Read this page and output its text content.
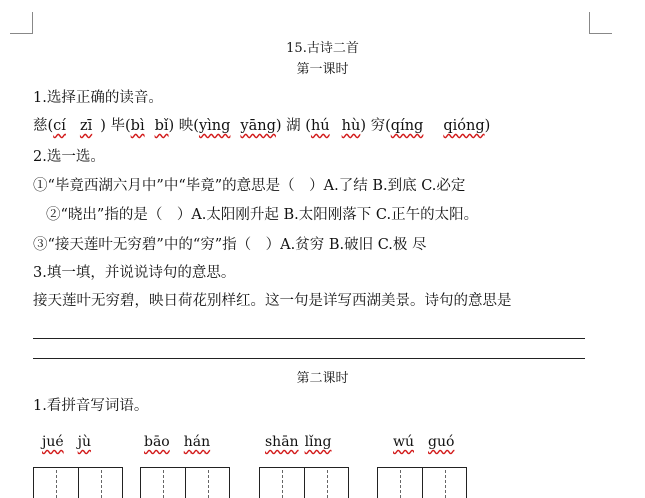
15.古诗二首
第一课时
1.选择正确的读音。
慈(cí zī ) 毕(bì bǐ) 映(yìng yāng) 湖 (hú hù) 穷(qíng qióng)
2.选一选。
①“毕竟西湖六月中”中“毕竟”的意思是（　）A.了结 B.到底 C.必定
②“晓出”指的是（　）A.太阳刚升起 B.太阳刚落下 C.正午的太阳。
③“接天莲叶无穷碧”中的“穷”指（　）A.贫穷 B.破旧 C.极 尽
3.填一填，并说说诗句的意思。
接天莲叶无穷碧，映日荷花别样红。这一句是详写西湖美景。诗句的意思是
第二课时
1.看拼音写词语。
jué jù	bāo hán	shān lǐng	wú guó
